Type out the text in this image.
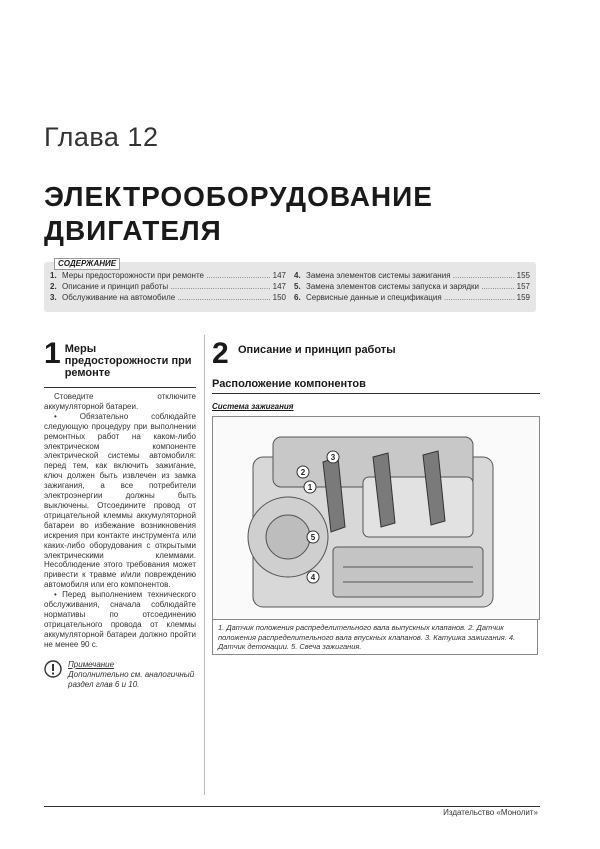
Глава 12
ЭЛЕКТРООБОРУДОВАНИЕ
ДВИГАТЕЛЯ
СОДЕРЖАНИЕ
1. Меры предосторожности при ремонте .....	147
2. Описание и принцип работы .....	147
3. Обслуживание на автомобиле .....	150
4. Замена элементов системы зажигания .....	155
5. Замена элементов системы запуска и зарядки .....	157
6. Сервисные данные и спецификация .....	159
1 Меры предосторожности при ремонте

Стоведите отключите аккумуляторной батареи.

• Обязательно соблюдайте следующую процедуру при выполнении ремонтных работ на каком-либо электрическом компоненте электрической системы автомобиля: перед тем, как включить зажигание, ключ должен быть извлечен из замка зажигания, а все потребители электроэнергии должны быть выключены. Отсоедините провод от отрицательной клеммы аккумуляторной батареи во избежание возникновения искрения при контакте инструмента или каких-либо оборудования с открытыми электрическими клеммами. Несоблюдение этого требования может привести к травме и/или повреждению автомобиля или его компонентов.

• Перед выполнением технического обслуживания, сначала соблюдайте нормативы по отсоединению отрицательного провода от клеммы аккумуляторной батареи должно пройти не менее 90 с.

Примечание
Дополнительно см. аналогичный раздел глав 6 и 10.
2 Описание и принцип работы
Расположение компонентов
Система зажигания
1
2
3
4
5
1. Датчик положения распределительного вала выпускных клапанов. 2. Датчик положения распределительного вала впускных клапанов. 3. Катушка зажигания. 4. Датчик детонации. 5. Свеча зажигания.
Издательство «Монолит»
